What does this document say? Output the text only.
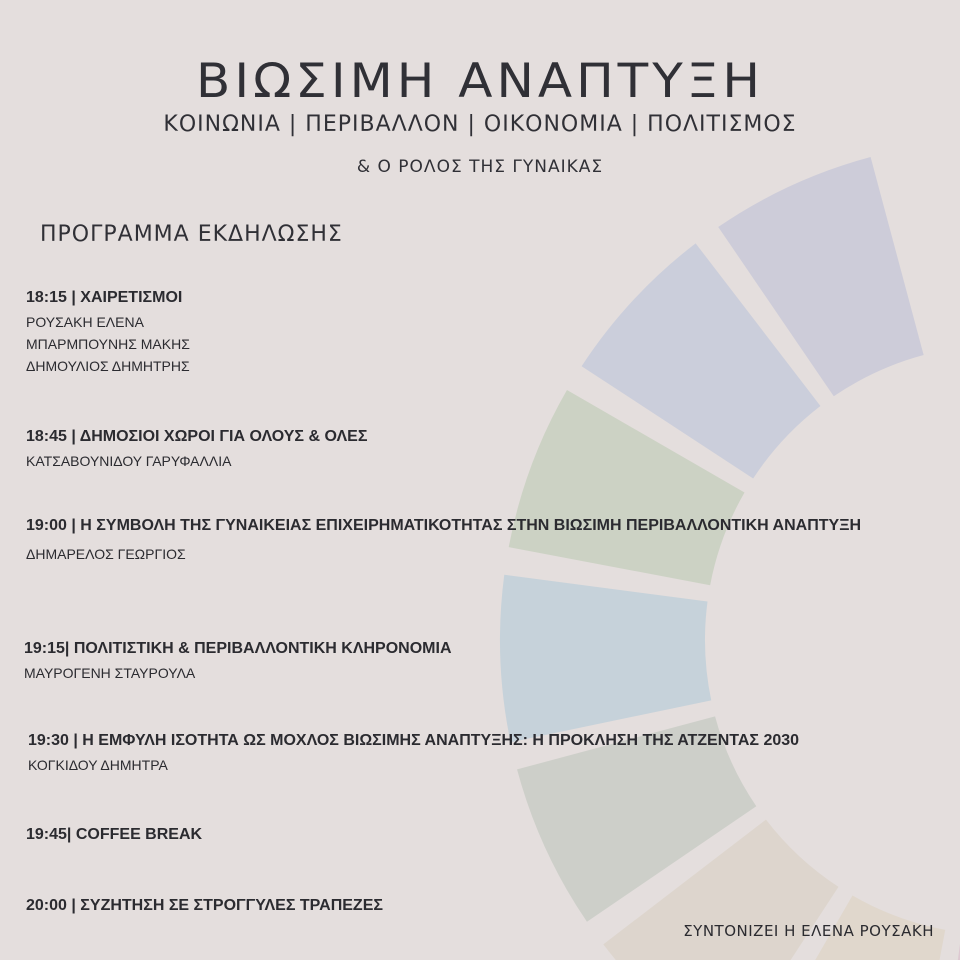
ΒΙΩΣΙΜΗ ΑΝΑΠΤΥΞΗ
ΚΟΙΝΩΝΙΑ | ΠΕΡΙΒΑΛΛΟΝ | ΟΙΚΟΝΟΜΙΑ | ΠΟΛΙΤΙΣΜΟΣ
& Ο ΡΟΛΟΣ ΤΗΣ ΓΥΝΑΙΚΑΣ
ΠΡΟΓΡΑΜΜΑ ΕΚΔΗΛΩΣΗΣ
18:15 | ΧΑΙΡΕΤΙΣΜΟΙ
ΡΟΥΣΑΚΗ ΕΛΕΝΑ
ΜΠΑΡΜΠΟΥΝΗΣ ΜΑΚΗΣ
ΔΗΜΟΥΛΙΟΣ ΔΗΜΗΤΡΗΣ
18:45 | ΔΗΜΟΣΙΟΙ ΧΩΡΟΙ ΓΙΑ ΟΛΟΥΣ & ΟΛΕΣ
ΚΑΤΣΑΒΟΥΝΙΔΟΥ ΓΑΡΥΦΑΛΛΙΑ
19:00 | Η ΣΥΜΒΟΛΗ ΤΗΣ ΓΥΝΑΙΚΕΙΑΣ ΕΠΙΧΕΙΡΗΜΑΤΙΚΟΤΗΤΑΣ ΣΤΗΝ ΒΙΩΣΙΜΗ ΠΕΡΙΒΑΛΛΟΝΤΙΚΗ ΑΝΑΠΤΥΞΗ
ΔΗΜΑΡΕΛΟΣ ΓΕΩΡΓΙΟΣ
19:15| ΠΟΛΙΤΙΣΤΙΚΗ & ΠΕΡΙΒΑΛΛΟΝΤΙΚΗ ΚΛΗΡΟΝΟΜΙΑ
ΜΑΥΡΟΓΕΝΗ ΣΤΑΥΡΟΥΛΑ
19:30 | Η ΕΜΦΥΛΗ ΙΣΟΤΗΤΑ ΩΣ ΜΟΧΛΟΣ ΒΙΩΣΙΜΗΣ ΑΝΑΠΤΥΞΗΣ: Η ΠΡΟΚΛΗΣΗ ΤΗΣ ΑΤΖΕΝΤΑΣ 2030
ΚΟΓΚΙΔΟΥ ΔΗΜΗΤΡΑ
19:45| COFFEE BREAK
20:00 | ΣΥΖΗΤΗΣΗ ΣΕ ΣΤΡΟΓΓΥΛΕΣ ΤΡΑΠΕΖΕΣ
ΣΥΝΤΟΝΙΖΕΙ Η ΕΛΕΝΑ ΡΟΥΣΑΚΗ
